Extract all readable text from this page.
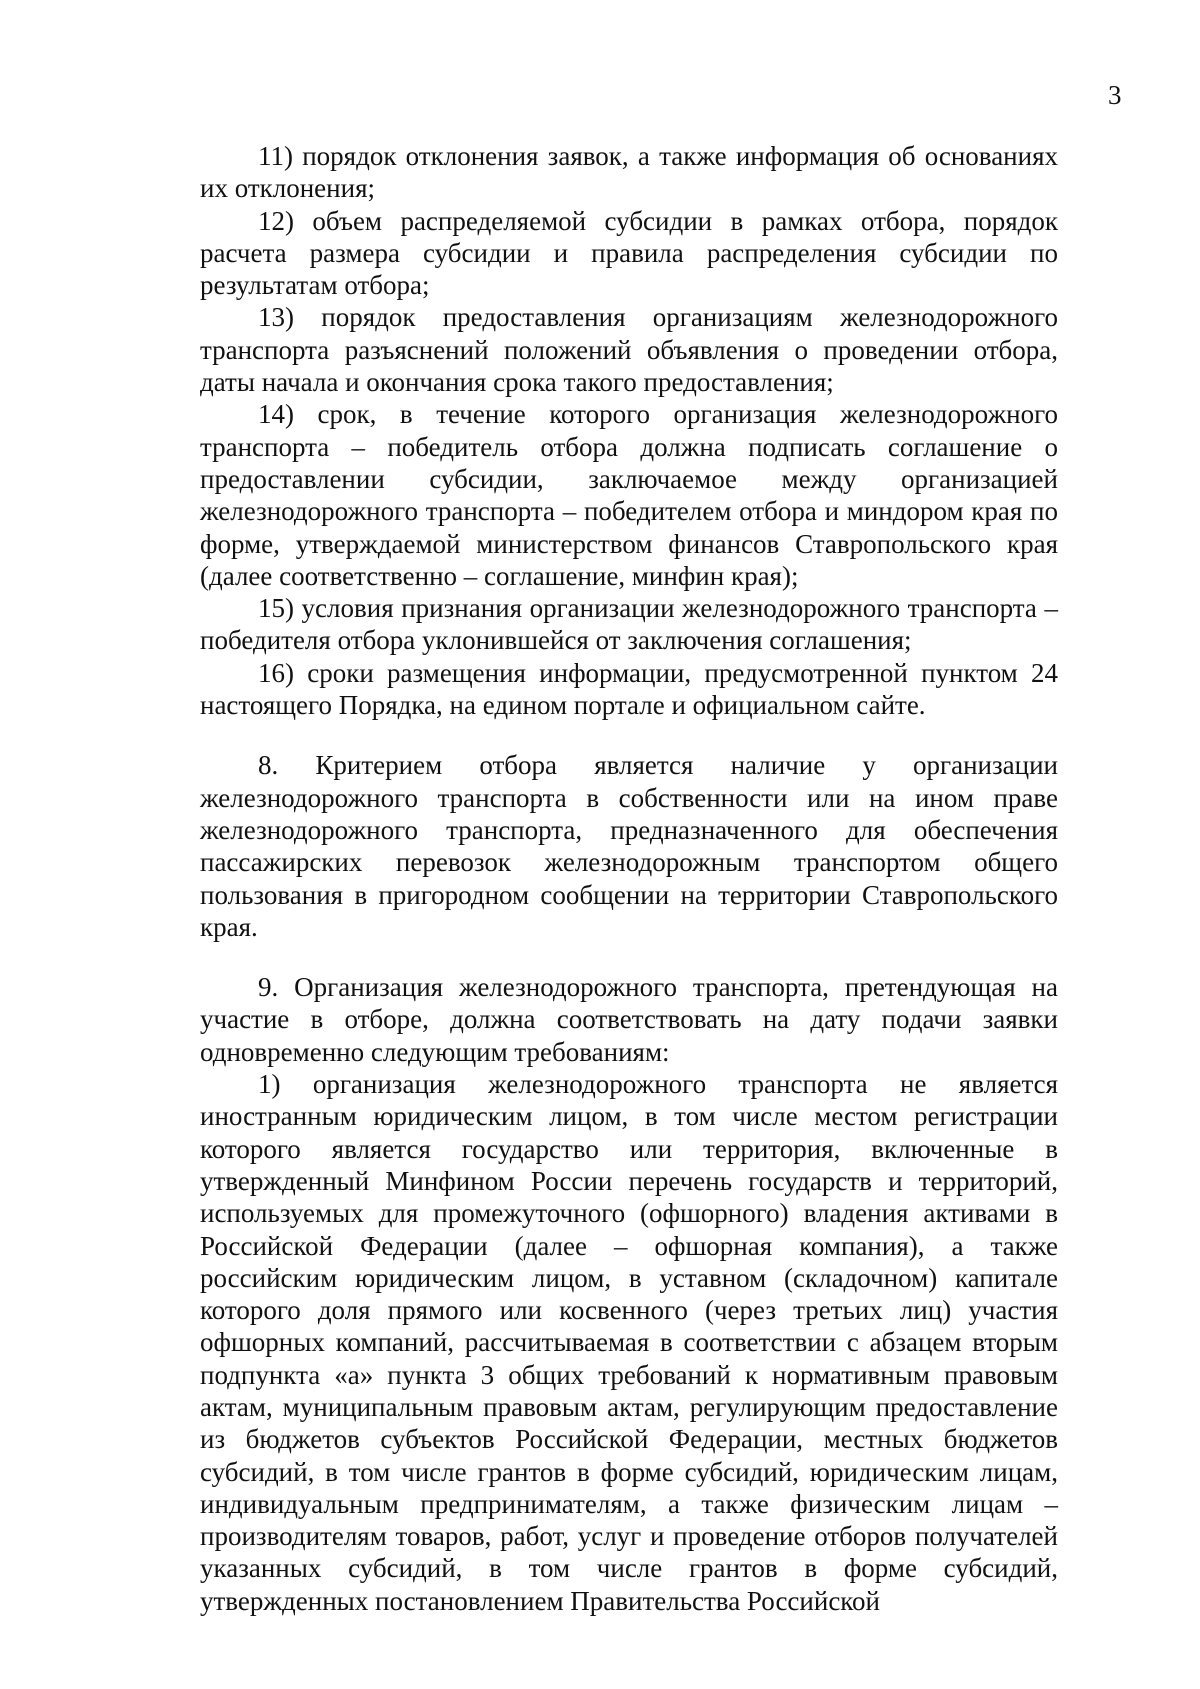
3

11) порядок отклонения заявок, а также информация об основаниях их отклонения;

12) объем распределяемой субсидии в рамках отбора, порядок расчета размера субсидии и правила распределения субсидии по результатам отбора;

13) порядок предоставления организациям железнодорожного транспорта разъяснений положений объявления о проведении отбора, даты начала и окончания срока такого предоставления;

14) срок, в течение которого организация железнодорожного транспорта – победитель отбора должна подписать соглашение о предоставлении субсидии, заключаемое между организацией железнодорожного транспорта – победителем отбора и миндором края по форме, утверждаемой министерством финансов Ставропольского края (далее соответственно – соглашение, минфин края);

15) условия признания организации железнодорожного транспорта – победителя отбора уклонившейся от заключения соглашения;

16) сроки размещения информации, предусмотренной пунктом 24 настоящего Порядка, на едином портале и официальном сайте.

8. Критерием отбора является наличие у организации железнодорожного транспорта в собственности или на ином праве железнодорожного транспорта, предназначенного для обеспечения пассажирских перевозок железнодорожным транспортом общего пользования в пригородном сообщении на территории Ставропольского края.

9. Организация железнодорожного транспорта, претендующая на участие в отборе, должна соответствовать на дату подачи заявки одновременно следующим требованиям:

1) организация железнодорожного транспорта не является иностранным юридическим лицом, в том числе местом регистрации которого является государство или территория, включенные в утвержденный Минфином России перечень государств и территорий, используемых для промежуточного (офшорного) владения активами в Российской Федерации (далее – офшорная компания), а также российским юридическим лицом, в уставном (складочном) капитале которого доля прямого или косвенного (через третьих лиц) участия офшорных компаний, рассчитываемая в соответствии с абзацем вторым подпункта «а» пункта 3 общих требований к нормативным правовым актам, муниципальным правовым актам, регулирующим предоставление из бюджетов субъектов Российской Федерации, местных бюджетов субсидий, в том числе грантов в форме субсидий, юридическим лицам, индивидуальным предпринимателям, а также физическим лицам – производителям товаров, работ, услуг и проведение отборов получателей указанных субсидий, в том числе грантов в форме субсидий, утвержденных постановлением Правительства Российской
